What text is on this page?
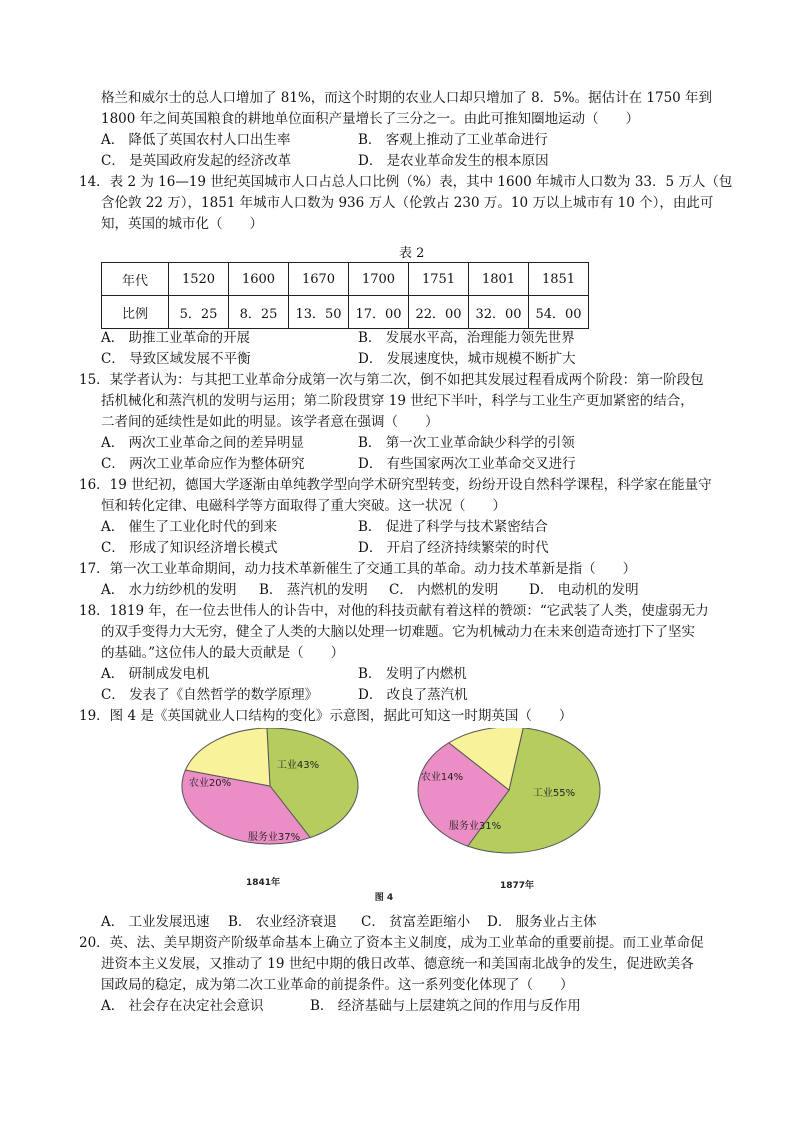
格兰和威尔士的总人口增加了 81%，而这个时期的农业人口却只增加了 8．5%。据估计在 1750 年到
1800 年之间英国粮食的耕地单位面积产量增长了三分之一。由此可推知圈地运动（　　）
A． 降低了英国农村人口出生率	B． 客观上推动了工业革命进行
C． 是英国政府发起的经济改革	D． 是农业革命发生的根本原因
14．表 2 为 16—19 世纪英国城市人口占总人口比例（%）表，其中 1600 年城市人口数为 33．5 万人（包
含伦敦 22 万），1851 年城市人口数为 936 万人（伦敦占 230 万。10 万以上城市有 10 个），由此可
知，英国的城市化（　　）
表 2
年代	1520	1600	1670	1700	1751	1801	1851
比例	5．25	8．25	13．50	17．00	22．00	32．00	54．00
A． 助推工业革命的开展	B． 发展水平高，治理能力领先世界
C． 导致区域发展不平衡	D． 发展速度快，城市规模不断扩大
15．某学者认为：与其把工业革命分成第一次与第二次，倒不如把其发展过程看成两个阶段：第一阶段包
括机械化和蒸汽机的发明与运用；第二阶段贯穿 19 世纪下半叶，科学与工业生产更加紧密的结合，
二者间的延续性是如此的明显。该学者意在强调（　　）
A． 两次工业革命之间的差异明显	B． 第一次工业革命缺少科学的引领
C． 两次工业革命应作为整体研究	D． 有些国家两次工业革命交叉进行
16．19 世纪初，德国大学逐渐由单纯教学型向学术研究型转变，纷纷开设自然科学课程，科学家在能量守
恒和转化定律、电磁科学等方面取得了重大突破。这一状况（　　）
A． 催生了工业化时代的到来	B． 促进了科学与技术紧密结合
C． 形成了知识经济增长模式	D． 开启了经济持续繁荣的时代
17．第一次工业革命期间，动力技术革新催生了交通工具的革命。动力技术革新是指（　　）
A． 水力纺纱机的发明 B． 蒸汽机的发明 C． 内燃机的发明 D． 电动机的发明
18．1819 年，在一位去世伟人的讣告中，对他的科技贡献有着这样的赞颂：“它武装了人类，使虚弱无力
的双手变得力大无穷，健全了人类的大脑以处理一切难题。它为机械动力在未来创造奇迹打下了坚实
的基础。”这位伟人的最大贡献是（　　）
A． 研制成发电机	B． 发明了内燃机
C． 发表了《自然哲学的数学原理》	D． 改良了蒸汽机
19．图 4 是《英国就业人口结构的变化》示意图，据此可知这一时期英国（　　）
工业43%
服务业37%
农业20%
工业55%
服务业31%
农业14%
1841年	1877年
图 4
A． 工业发展迅速 B． 农业经济衰退 C． 贫富差距缩小 D． 服务业占主体
20．英、法、美早期资产阶级革命基本上确立了资本主义制度，成为工业革命的重要前提。而工业革命促
进资本主义发展，又推动了 19 世纪中期的俄日改革、德意统一和美国南北战争的发生，促进欧美各
国政局的稳定，成为第二次工业革命的前提条件。这一系列变化体现了（　　）
A． 社会存在决定社会意识	B． 经济基础与上层建筑之间的作用与反作用
